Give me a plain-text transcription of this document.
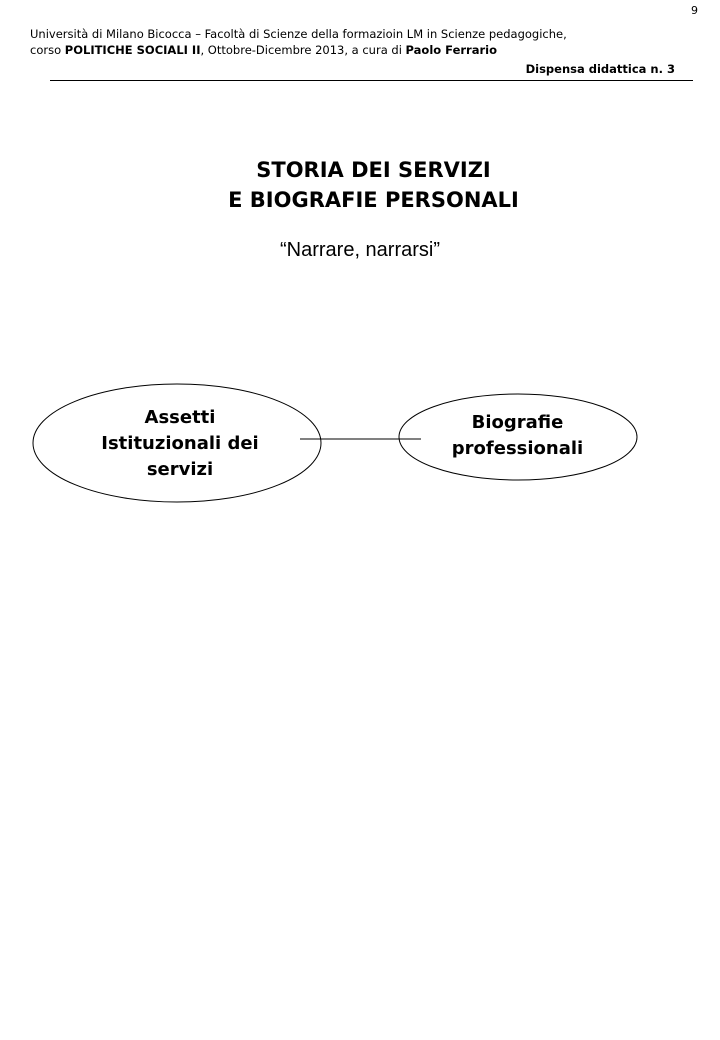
9
Università di Milano Bicocca – Facoltà di Scienze della formazioin LM in Scienze pedagogiche,
corso POLITICHE SOCIALI II, Ottobre-Dicembre 2013, a cura di Paolo Ferrario
Dispensa didattica n. 3
STORIA DEI SERVIZI
E BIOGRAFIE PERSONALI
“Narrare, narrarsi”
Assetti
Istituzionali dei
servizi
Biografie
professionali
